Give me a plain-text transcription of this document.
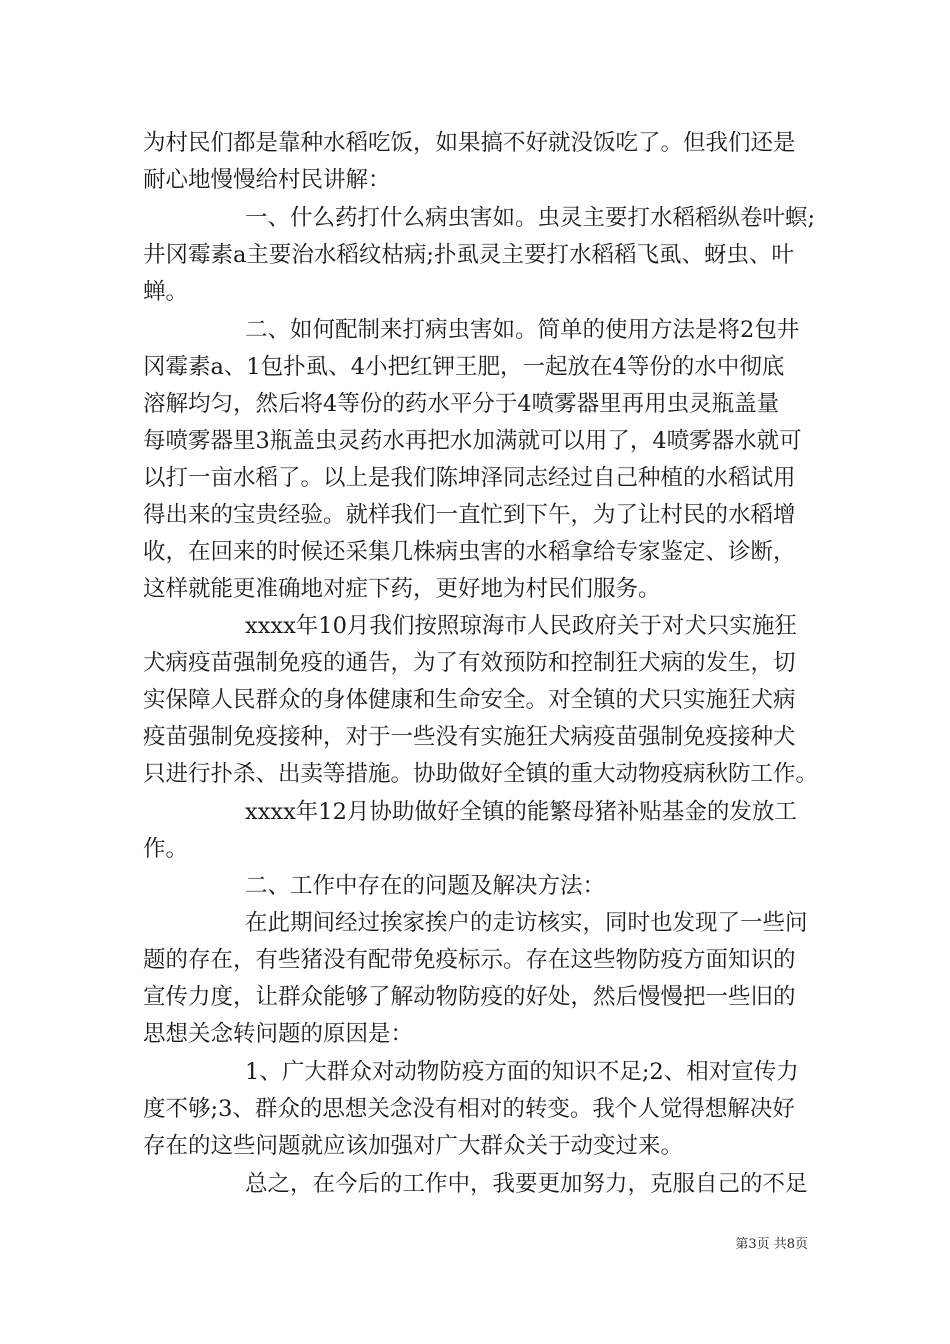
为村民们都是靠种水稻吃饭，如果搞不好就没饭吃了。但我们还是
耐心地慢慢给村民讲解：
一、什么药打什么病虫害如。虫灵主要打水稻稻纵卷叶螟;
井冈霉素a主要治水稻纹枯病;扑虱灵主要打水稻稻飞虱、蚜虫、叶
蝉。
二、如何配制来打病虫害如。简单的使用方法是将2包井
冈霉素a、1包扑虱、4小把红钾王肥，一起放在4等份的水中彻底
溶解均匀，然后将4等份的药水平分于4喷雾器里再用虫灵瓶盖量
每喷雾器里3瓶盖虫灵药水再把水加满就可以用了，4喷雾器水就可
以打一亩水稻了。以上是我们陈坤泽同志经过自己种植的水稻试用
得出来的宝贵经验。就样我们一直忙到下午，为了让村民的水稻增
收，在回来的时候还采集几株病虫害的水稻拿给专家鉴定、诊断，
这样就能更准确地对症下药，更好地为村民们服务。
xxxx年10月我们按照琼海市人民政府关于对犬只实施狂
犬病疫苗强制免疫的通告，为了有效预防和控制狂犬病的发生，切
实保障人民群众的身体健康和生命安全。对全镇的犬只实施狂犬病
疫苗强制免疫接种，对于一些没有实施狂犬病疫苗强制免疫接种犬
只进行扑杀、出卖等措施。协助做好全镇的重大动物疫病秋防工作。
xxxx年12月协助做好全镇的能繁母猪补贴基金的发放工
作。
二、工作中存在的问题及解决方法：
在此期间经过挨家挨户的走访核实，同时也发现了一些问
题的存在，有些猪没有配带免疫标示。存在这些物防疫方面知识的
宣传力度，让群众能够了解动物防疫的好处，然后慢慢把一些旧的
思想关念转问题的原因是：
1、广大群众对动物防疫方面的知识不足;2、相对宣传力
度不够;3、群众的思想关念没有相对的转变。我个人觉得想解决好
存在的这些问题就应该加强对广大群众关于动变过来。
总之，在今后的工作中，我要更加努力，克服自己的不足
第3页 共8页
